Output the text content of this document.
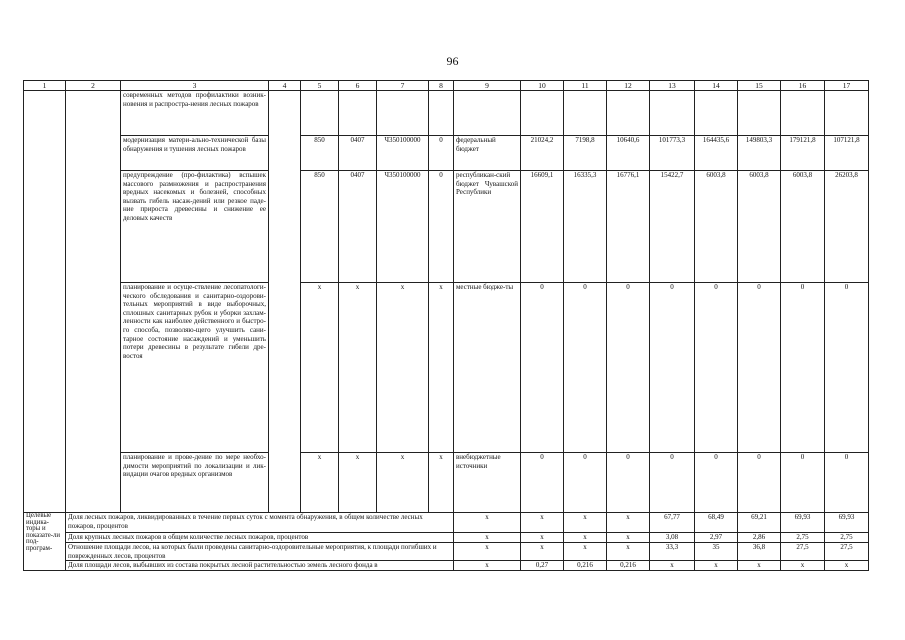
96
1	2	3	4	5	6	7	8	9	10	11	12	13	14	15	16	17
		современных методов профилактики возник-новения и распростра-нения лесных пожаров														
		модернизация матери-ально-технической базы обнаружения и тушения лесных пожаров		850	0407	Ч350100000	0	федеральный бюджет	21024,2	7198,8	10640,6	101773,3	164435,6	149803,3	179121,8	107121,8
		предупреждение (про-филактика) вспышек массового размножения и распространения вредных насекомых и болезней, способных вызвать гибель насаж-дений или резкое паде-ние прироста древесины и снижение ее деловых качеств		850	0407	Ч350100000	0	республикан-ский бюджет Чувашской Республики	16609,1	16335,3	16776,1	15422,7	6003,8	6003,8	6003,8	26203,8
		планирование и осуще-ствление лесопатологи-ческого обследования и санитарно-оздорови-тельных мероприятий в виде выборочных, сплошных санитарных рубок и уборки захлам-ленности как наиболее действенного и быстро-го способа, позволяю-щего улучшить сани-тарное состояние насаждений и уменьшить потери древесины в результате гибели дре-востоя		x	x	x	x	местные бюдже-ты	0	0	0	0	0	0	0	0
		планирование и прове-дение по мере необхо-димости мероприятий по локализации и лик-видации очагов вредных организмов		x	x	x	x	внебюджетные источники	0	0	0	0	0	0	0	0
Целевые индика-торы и показате-ли под-програм-	Доля лесных пожаров, ликвидированных в течение первых суток с момента обнаружения, в общем количестве лесных пожаров, процентов							x	x	x	x	67,77	68,49	69,21	69,93	69,93
	Доля крупных лесных пожаров в общем количестве лесных пожаров, процентов							x	x	x	x	3,08	2,97	2,86	2,75	2,75
	Отношение площади лесов, на которых были проведены санитарно-оздоровительные мероприятия, к площади погибших и поврежденных лесов, процентов							x	x	x	x	33,3	35	36,8	27,5	27,5
	Доля площади лесов, выбывших из состава покрытых лесной растительностью земель лесного фонда в							x	0,27	0,216	0,216	x	x	x	x	x
